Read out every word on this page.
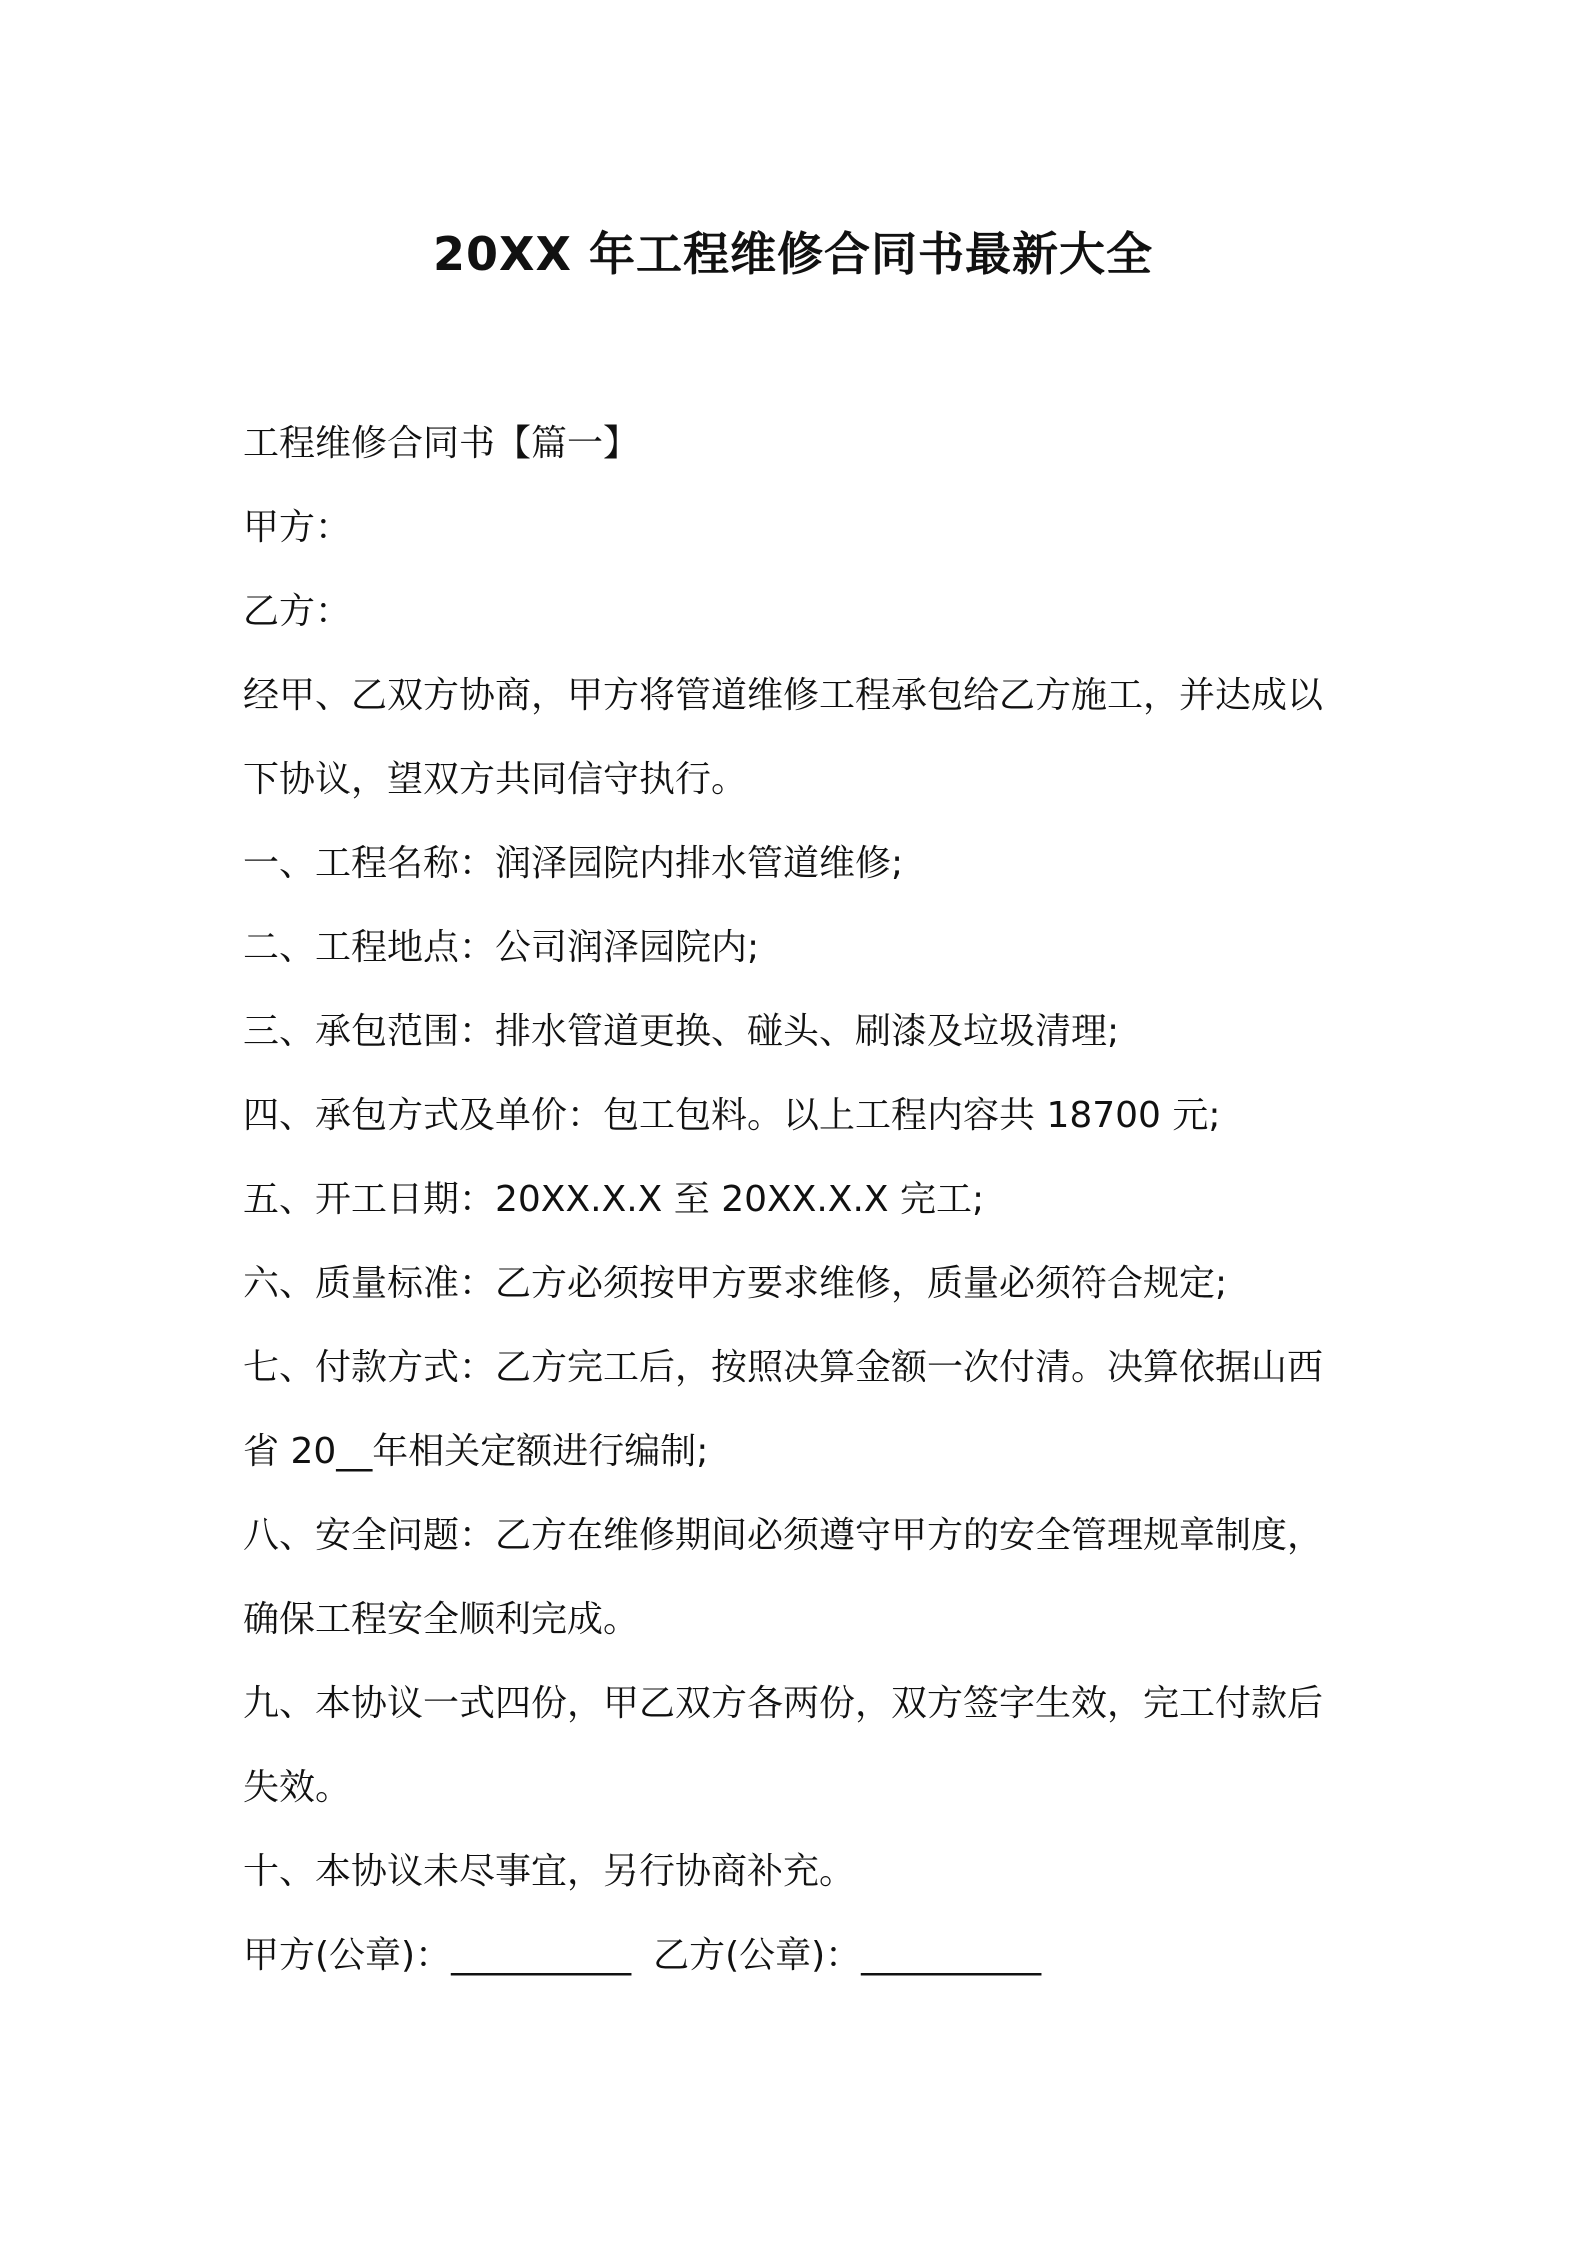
20XX 年工程维修合同书最新大全

工程维修合同书【篇一】

甲方：

乙方：

经甲、乙双方协商，甲方将管道维修工程承包给乙方施工，并达成以

下协议，望双方共同信守执行。

一、工程名称：润泽园院内排水管道维修;

二、工程地点：公司润泽园院内;

三、承包范围：排水管道更换、碰头、刷漆及垃圾清理;

四、承包方式及单价：包工包料。以上工程内容共 18700 元;

五、开工日期：20XX.X.X 至 20XX.X.X 完工;

六、质量标准：乙方必须按甲方要求维修，质量必须符合规定;

七、付款方式：乙方完工后，按照决算金额一次付清。决算依据山西

省 20__年相关定额进行编制;

八、安全问题：乙方在维修期间必须遵守甲方的安全管理规章制度，

确保工程安全顺利完成。

九、本协议一式四份，甲乙双方各两份，双方签字生效，完工付款后

失效。

十、本协议未尽事宜，另行协商补充。

甲方(公章)：__________ 乙方(公章)：__________
